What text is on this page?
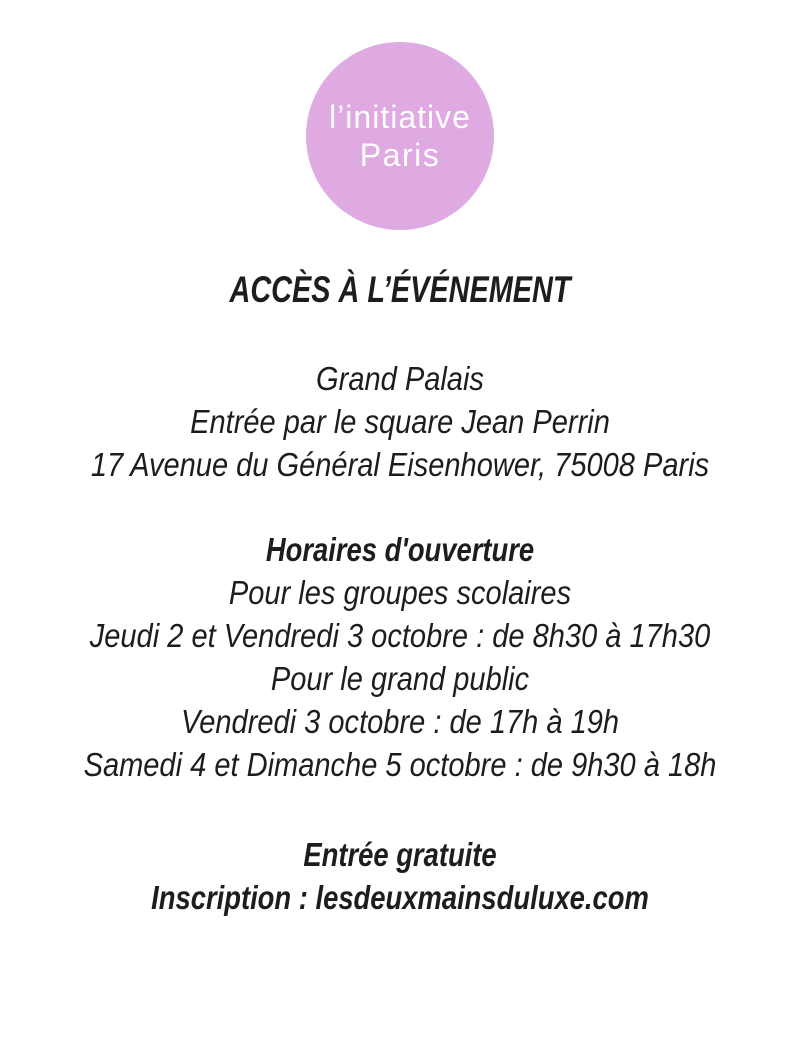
l’initiative
Paris
ACCÈS À L’ÉVÉNEMENT
Grand Palais
Entrée par le square Jean Perrin
17 Avenue du Général Eisenhower, 75008 Paris
Horaires d'ouverture
Pour les groupes scolaires
Jeudi 2 et Vendredi 3 octobre : de 8h30 à 17h30
Pour le grand public
Vendredi 3 octobre : de 17h à 19h
Samedi 4 et Dimanche 5 octobre : de 9h30 à 18h
Entrée gratuite
Inscription : lesdeuxmainsduluxe.com
